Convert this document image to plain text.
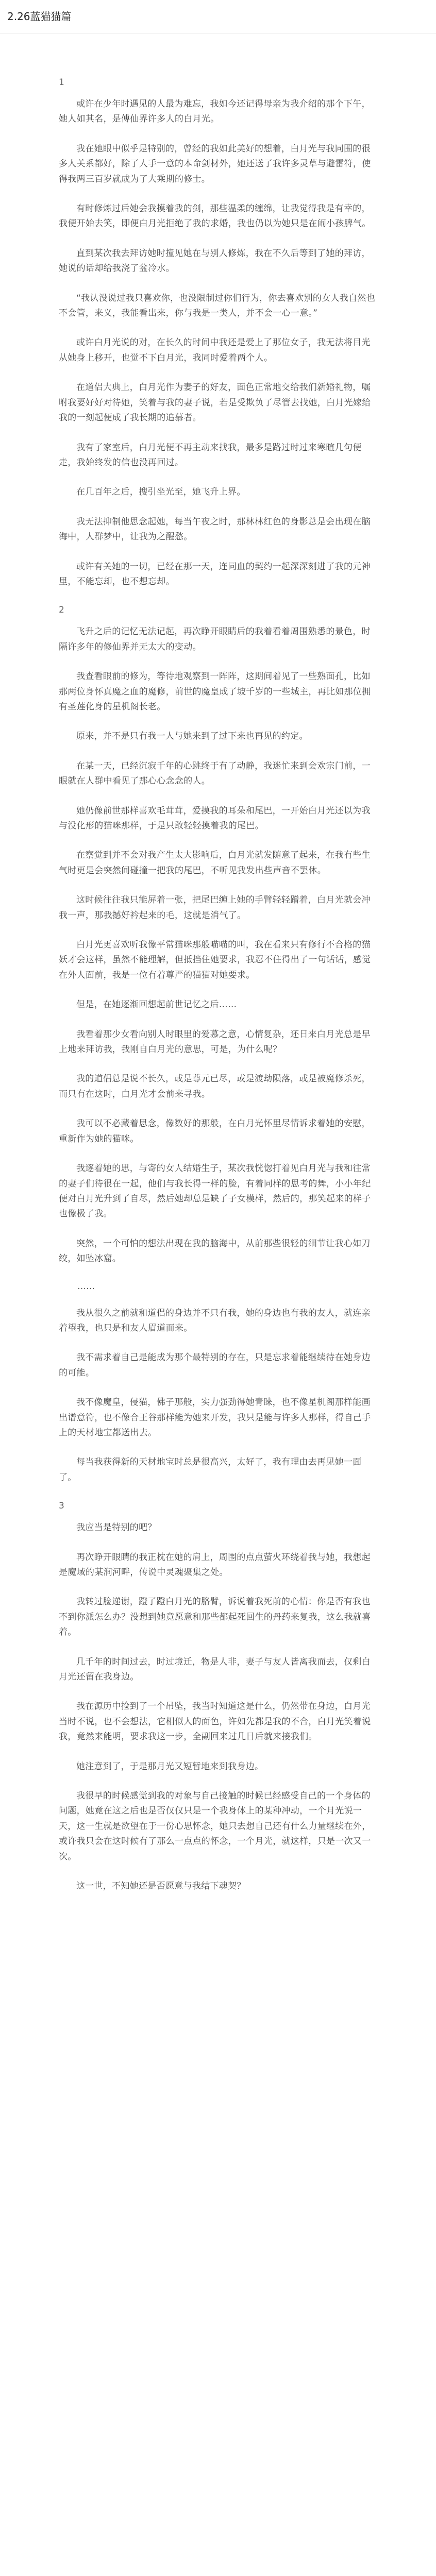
2.26蓝猫猫篇
1

或许在少年时遇见的人最为难忘，我如今还记得母亲为我介绍的那个下午，她人如其名，是傅仙界许多人的白月光。

我在她眼中似乎是特别的，曾经的我如此美好的想着，白月光与我同围的很多人关系都好，除了人手一意的本命剑材外，她还送了我许多灵草与避雷符，使得我两三百岁就成为了大乘期的修士。

有时修炼过后她会我摸着我的剑，那些温柔的缠绵，让我觉得我是有幸的，我便开始去笑，即便白月光拒绝了我的求婚，我也仍以为她只是在闹小孩脾气。

直到某次我去拜访她时撞见她在与别人修炼，我在不久后等到了她的拜访，她说的话却给我浇了盆冷水。

“我认没说过我只喜欢你，也没限制过你们行为，你去喜欢别的女人我自然也不会管，来义，我能看出来，你与我是一类人，并不会一心一意。”

或许白月光说的对，在长久的时间中我还是爱上了那位女子，我无法将目光从她身上移开，也觉不下白月光，我同时爱着两个人。

在道侣大典上，白月光作为妻子的好友，面色正常地交给我们新婚礼物，嘱咐我要好好对待她，笑着与我的妻子说，若是受欺负了尽管去找她，白月光嫁给我的一刻起便成了我长期的追慕者。

我有了家室后，白月光便不再主动来找我，最多是路过时过来寒暄几句便走，我始终发的信也没再回过。

在几百年之后，搜引坐光至，她飞升上界。

我无法抑制他思念起她，每当午夜之时，那林林红色的身影总是会出现在脑海中，人群梦中，让我为之醒愁。

或许有关她的一切，已经在那一天，连同血的契约一起深深刻进了我的元神里，不能忘却，也不想忘却。

2

飞升之后的记忆无法记起，再次睁开眼睛后的我着看着周围熟悉的景色，时隔许多年的修仙界并无太大的变动。

我查看眼前的修为，等待地观察到一阵阵，这期间着见了一些熟面孔，比如那两位身怀真魔之血的魔修，前世的魔皇成了坡千岁的一些城主，再比如那位拥有圣莲化身的星机阁长老。

原来，并不是只有我一人与她来到了过下来也再见的约定。

在某一天，已经沉寂千年的心跳终于有了动静，我迷忙来到会欢宗门前，一眼就在人群中看见了那心心念念的人。

她仍像前世那样喜欢毛茸茸，爱摸我的耳朵和尾巴，一开始白月光还以为我与没化形的猫咪那样，于是只敢轻轻摸着我的尾巴。

在察觉到并不会对我产生太大影响后，白月光就发随意了起来，在我有些生气时更是会突然间碰撞一把我的尾巴，不听见我发出些声音不罢休。

这时候往往我只能屏着一张，把尾巴缠上她的手臂轻轻蹭着，白月光就会冲我一声，那我撼好衿起来的毛，这就是消气了。

白月光更喜欢听我像平常猫咪那般喵喵的叫，我在看来只有修行不合格的猫妖才会这样，虽然不能理解，但抵挡住她要求，我忍不住得出了一句话话，感觉在外人面前，我是一位有着尊严的猫猫对她要求。

但是，在她逐渐回想起前世记忆之后……

我看着那少女看向别人时眼里的爱慕之意，心情复杂，还日来白月光总是早上地来拜访我，我刚自白月光的意思，可是，为什么呢？

我的道侣总是说不长久，或是尊元已尽，或是渡劫陨落，或是被魔修杀死，而只有在这时，白月光才会前来寻我。

我可以不必藏着思念，像数好的那般，在白月光怀里尽情诉求着她的安慰，重新作为她的猫咪。

我逐着她的思，与寄的女人结婚生子，某次我恍惚打着见白月光与我和往常的妻子们待很在一起，他们与我长得一样的脸，有着同样的思考的舞，小小年纪便对白月光升到了自尽，然后她却总是缺了子女模样，然后的，那笑起来的样子也像极了我。

突然，一个可怕的想法出现在我的脑海中，从前那些很轻的细节让我心如刀绞，如坠冰窟。

……

我从很久之前就和道侣的身边并不只有我，她的身边也有我的友人，就连亲着望我，也只是和友人眉道而来。

我不需求着自己是能成为那个最特别的存在，只是忘求着能继续待在她身边的可能。

我不像魔皇，侵猫，佛子那般，实力强劲得她青睐，也不像星机阁那样能画出谱意符，也不像合王谷那样能为她来开发，我只是能与许多人那样，得自己手上的天材地宝都送出去。

每当我获得新的天材地宝时总是很高兴，太好了，我有理由去再见她一面了。

3

我应当是特别的吧？

再次睁开眼睛的我正枕在她的肩上，周围的点点萤火环绕着我与她，我想起是魔域的某涧河畔，传说中灵魂聚集之处。

我转过脸递谢，蹬了蹬白月光的胳臂，诉说着我死前的心情：你是否有我也不到你派怎么办？没想到她竟愿意和那些都起死回生的丹药来复我，这么我就喜着。

几千年的时间过去，时过境迁，物是人非，妻子与友人皆离我而去，仅剩白月光还留在我身边。

我在源历中捡到了一个吊坠，我当时知道这是什么，仍然带在身边，白月光当时不说，也不会想法，它相似人的面色，许如先都是我的不合，白月光笑着说我，竟然来能明，要求我这一步，全副回来过几日后就来接我们。

她注意到了，于是那月光又短暂地来到我身边。

我很早的时候感觉到我的对象与自己接触的时候已经感受自己的一个身体的问题，她竟在这之后也是否仅仅只是一个我身体上的某种冲动，一个月光说一天，这一生就是欲望在于一份心思怀念，她只去想自己还有什么力量继续在外，或许我只会在这时候有了那么一点点的怀念，一个月光，就这样，只是一次又一次。

这一世，不知她还是否愿意与我结下魂契？
